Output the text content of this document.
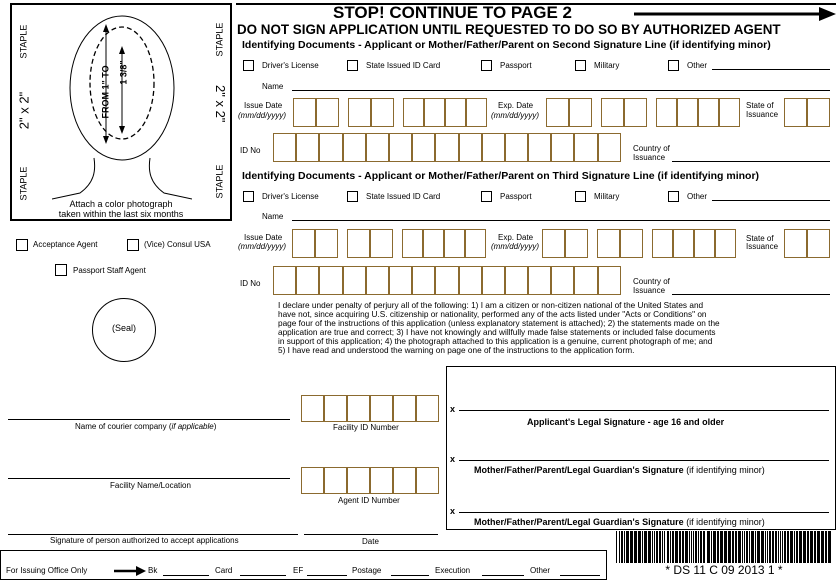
STOP! CONTINUE TO PAGE 2
DO NOT SIGN APPLICATION UNTIL REQUESTED TO DO SO BY AUTHORIZED AGENT
STAPLE	STAPLE
STAPLE	STAPLE
2" x 2"	2" x 2"
FROM 1" TO 1 3/8"
Attach a color photograph
taken within the last six months
Identifying Documents - Applicant or Mother/Father/Parent on Second Signature Line (if identifying minor)
Driver's License	State Issued ID Card	Passport	Military	Other
Name
Issue Date
(mm/dd/yyyy)
Exp. Date
(mm/dd/yyyy)
State of
Issuance
ID No	Country of
Issuance
Identifying Documents - Applicant or Mother/Father/Parent on Third Signature Line (if identifying minor)
Driver's License	State Issued ID Card	Passport	Military	Other
Name
Issue Date
(mm/dd/yyyy)
Exp. Date
(mm/dd/yyyy)
State of
Issuance
ID No	Country of
Issuance
Acceptance Agent	(Vice) Consul USA
Passport Staff Agent
(Seal)
I declare under penalty of perjury all of the following: 1) I am a citizen or non-citizen national of the United States and
have not, since acquiring U.S. citizenship or nationality, performed any of the acts listed under "Acts or Conditions" on
page four of the instructions of this application (unless explanatory statement is attached); 2) the statements made on the
application are true and correct; 3) I have not knowingly and willfully made false statements or included false documents
in support of this application; 4) the photograph attached to this application is a genuine, current photograph of me; and
5) I have read and understood the warning on page one of the instructions to the application form.
Name of courier company (if applicable)	Facility ID Number
Facility Name/Location
Agent ID Number
Signature of person authorized to accept applications	Date
x
Applicant's Legal Signature - age 16 and older
x
Mother/Father/Parent/Legal Guardian's Signature (if identifying minor)
x
Mother/Father/Parent/Legal Guardian's Signature (if identifying minor)
For Issuing Office Only	Bk	Card	EF	Postage	Execution	Other	* DS 11 C 09 2013 1 *
